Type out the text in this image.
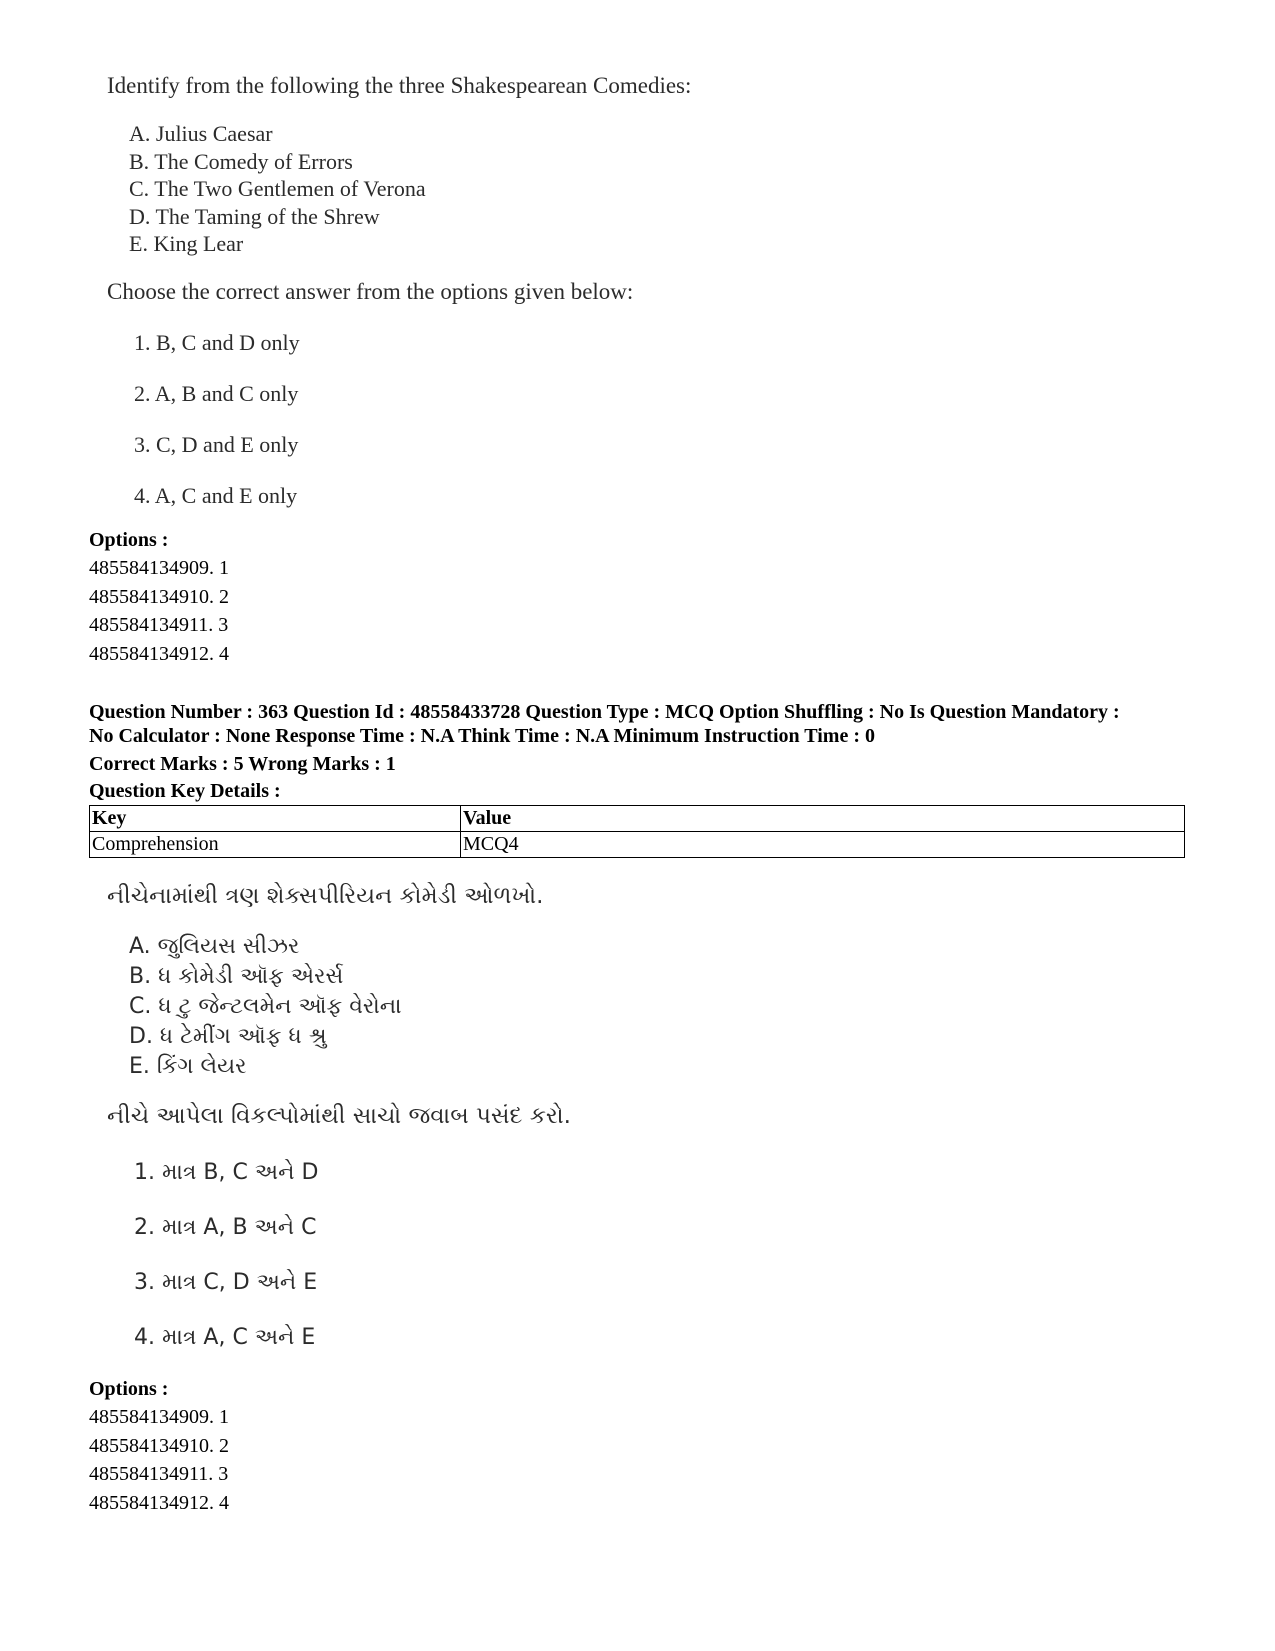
Identify from the following the three Shakespearean Comedies:

A. Julius Caesar

B. The Comedy of Errors

C. The Two Gentlemen of Verona

D. The Taming of the Shrew

E. King Lear

Choose the correct answer from the options given below:

1. B, C and D only

2. A, B and C only

3. C, D and E only

4. A, C and E only

Options :
485584134909. 1
485584134910. 2
485584134911. 3
485584134912. 4
Question Number : 363 Question Id : 48558433728 Question Type : MCQ Option Shuffling : No Is Question Mandatory :
No Calculator : None Response Time : N.A Think Time : N.A Minimum Instruction Time : 0
Correct Marks : 5 Wrong Marks : 1
Question Key Details :
Key	Value
Comprehension	MCQ4

નીચેનામાંથી ત્રણ શેક્સપીરિયન કોમેડી ઓળખો.

A. જુલિયસ સીઝર

B. ધ કોમેડી ઑફ એરર્સ

C. ધ ટુ જેન્ટલમેન ઑફ વેરોના

D. ધ ટેમીંગ ઑફ ધ શ્રુ

E. કિંગ લેયર

નીચે આપેલા વિકલ્પોમાંથી સાચો જવાબ પસંદ કરો.

1. માત્ર B, C અને D

2. માત્ર A, B અને C

3. માત્ર C, D અને E

4. માત્ર A, C અને E

Options :
485584134909. 1
485584134910. 2
485584134911. 3
485584134912. 4
